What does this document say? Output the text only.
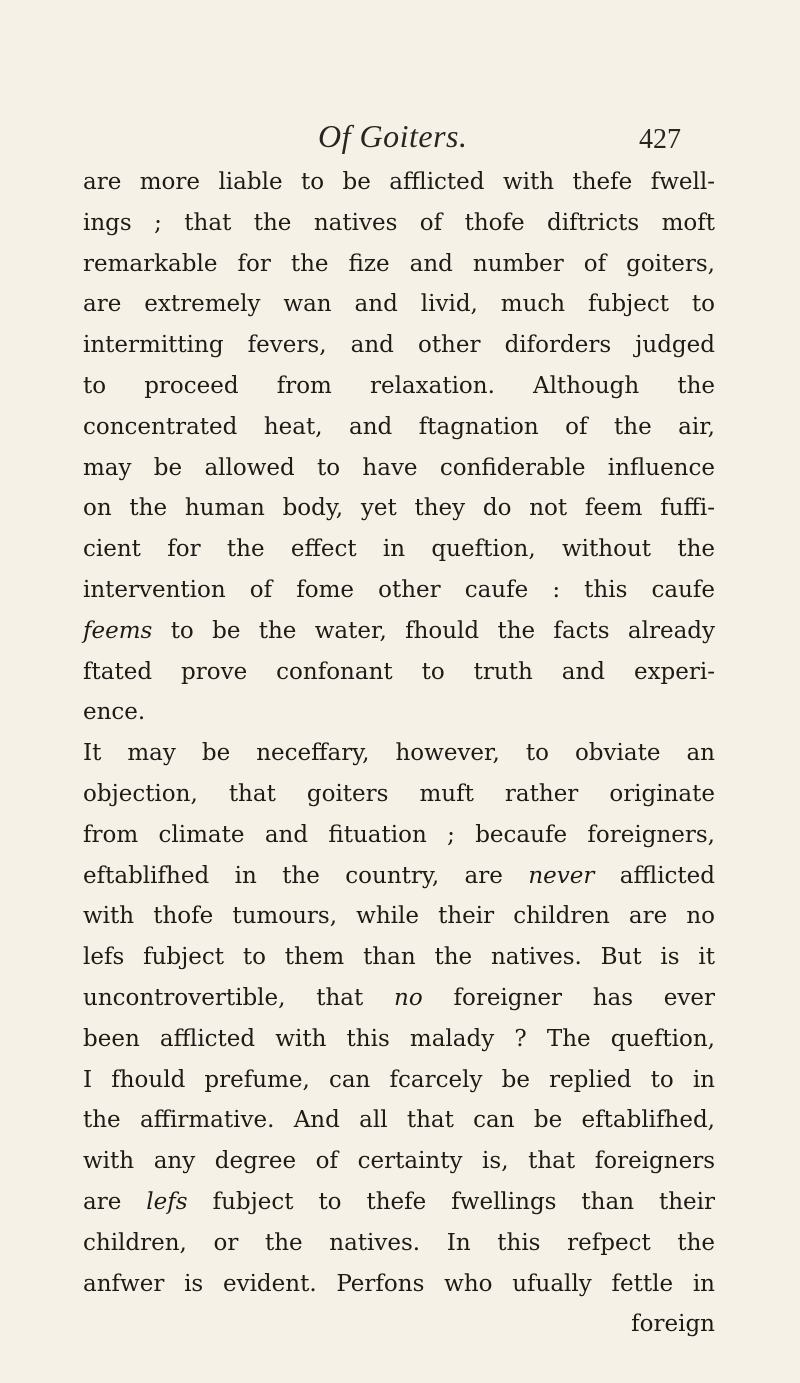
Of Goiters.	427
are more liable to be afflicted with thefe fwell-
ings ; that the natives of thofe diftricts moft
remarkable for the fize and number of goiters,
are extremely wan and livid, much fubject to
intermitting fevers, and other diforders judged
to proceed from relaxation. Although the
concentrated heat, and ftagnation of the air,
may be allowed to have confiderable influence
on the human body, yet they do not feem fuffi-
cient for the effect in queftion, without the
intervention of fome other caufe : this caufe
feems to be the water, fhould the facts already
ftated prove confonant to truth and experi-
ence.
It may be neceffary, however, to obviate an
objection, that goiters muft rather originate
from climate and fituation ; becaufe foreigners,
eftablifhed in the country, are never afflicted
with thofe tumours, while their children are no
lefs fubject to them than the natives. But is it
uncontrovertible, that no foreigner has ever
been afflicted with this malady ? The queftion,
I fhould prefume, can fcarcely be replied to in
the affirmative. And all that can be eftablifhed,
with any degree of certainty is, that foreigners
are lefs fubject to thefe fwellings than their
children, or the natives. In this refpect the
anfwer is evident. Perfons who ufually fettle in
foreign
